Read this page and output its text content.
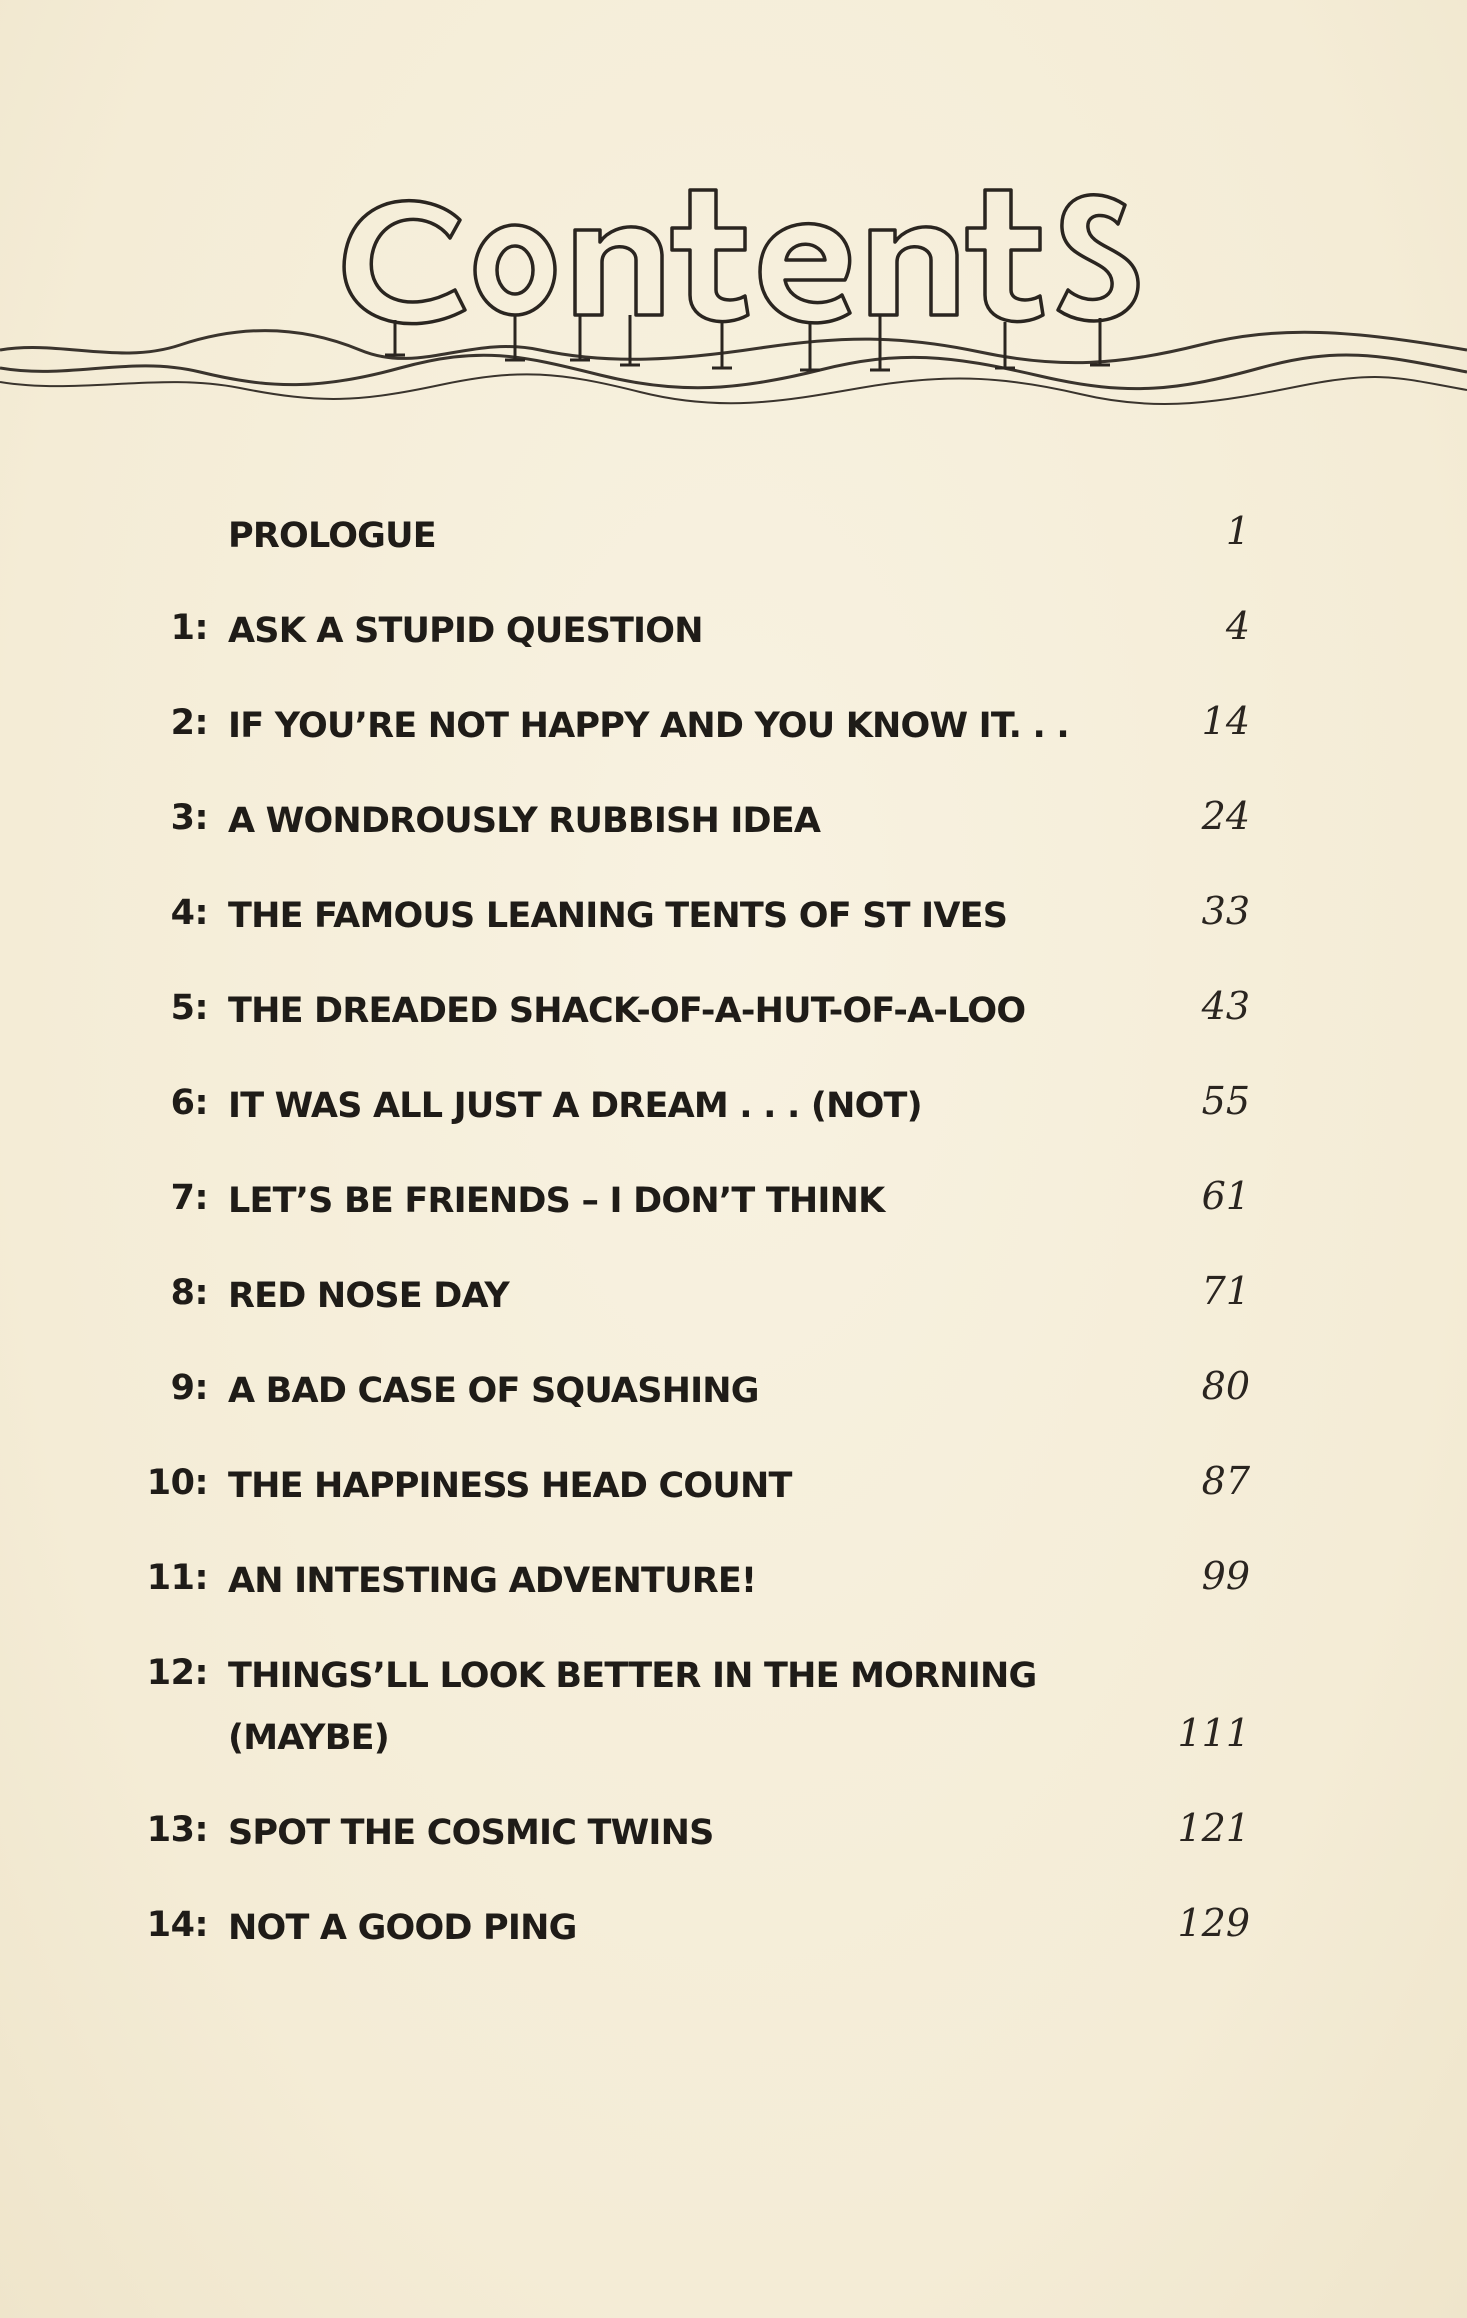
PROLOGUE	1
1: ASK A STUPID QUESTION	4
2: IF YOU’RE NOT HAPPY AND YOU KNOW IT. . .	14
3: A WONDROUSLY RUBBISH IDEA	24
4: THE FAMOUS LEANING TENTS OF ST IVES	33
5: THE DREADED SHACK-OF-A-HUT-OF-A-LOO	43
6: IT WAS ALL JUST A DREAM . . . (NOT)	55
7: LET’S BE FRIENDS – I DON’T THINK	61
8: RED NOSE DAY	71
9: A BAD CASE OF SQUASHING	80
10: THE HAPPINESS HEAD COUNT	87
11: AN INTESTING ADVENTURE!	99
12: THINGS’LL LOOK BETTER IN THE MORNING
(MAYBE)	111
13: SPOT THE COSMIC TWINS	121
14: NOT A GOOD PING	129
